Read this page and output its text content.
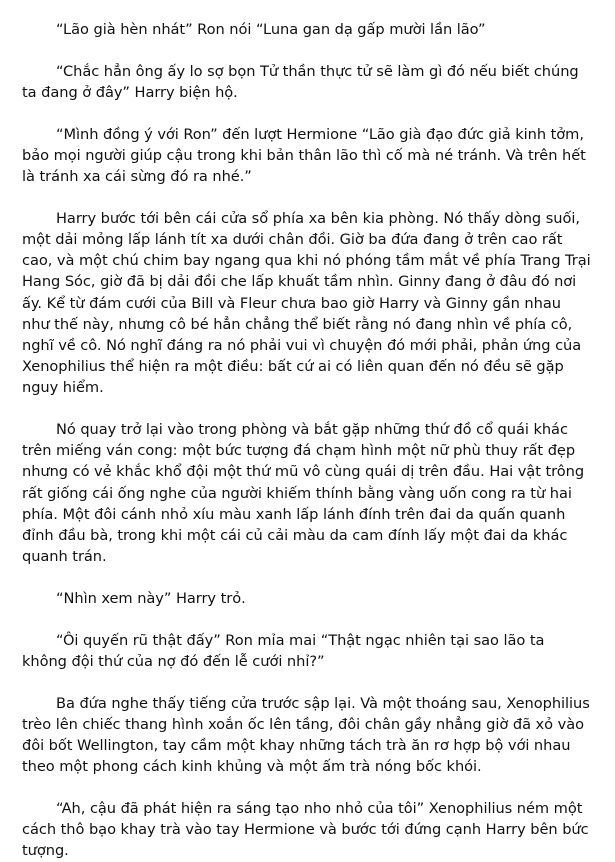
“Lão già hèn nhát” Ron nói “Luna gan dạ gấp mười lần lão”

“Chắc hẳn ông ấy lo sợ bọn Tử thần thực tử sẽ làm gì đó nếu biết chúng ta đang ở đây” Harry biện hộ.

“Mình đồng ý với Ron” đến lượt Hermione “Lão già đạo đức giả kinh tởm, bảo mọi người giúp cậu trong khi bản thân lão thì cố mà né tránh. Và trên hết là tránh xa cái sừng đó ra nhé.”

Harry bước tới bên cái cửa sổ phía xa bên kia phòng. Nó thấy dòng suối, một dải mỏng lấp lánh tít xa dưới chân đồi. Giờ ba đứa đang ở trên cao rất cao, và một chú chim bay ngang qua khi nó phóng tầm mắt về phía Trang Trại Hang Sóc, giờ đã bị dải đồi che lấp khuất tầm nhìn. Ginny đang ở đâu đó nơi ấy. Kể từ đám cưới của Bill và Fleur chưa bao giờ Harry và Ginny gần nhau như thế này, nhưng cô bé hẳn chẳng thể biết rằng nó đang nhìn về phía cô, nghĩ về cô. Nó nghĩ đáng ra nó phải vui vì chuyện đó mới phải, phản ứng của Xenophilius thể hiện ra một điều: bất cứ ai có liên quan đến nó đều sẽ gặp nguy hiểm.

Nó quay trở lại vào trong phòng và bắt gặp những thứ đồ cổ quái khác trên miếng ván cong: một bức tượng đá chạm hình một nữ phù thuy rất đẹp nhưng có vẻ khắc khổ đội một thứ mũ vô cùng quái dị trên đầu. Hai vật trông rất giống cái ống nghe của người khiếm thính bằng vàng uốn cong ra từ hai phía. Một đôi cánh nhỏ xíu màu xanh lấp lánh đính trên đai da quấn quanh đỉnh đầu bà, trong khi một cái củ cải màu da cam đính lấy một đai da khác quanh trán.

“Nhìn xem này” Harry trỏ.

“Ôi quyến rũ thật đấy” Ron mỉa mai “Thật ngạc nhiên tại sao lão ta không đội thứ của nợ đó đến lễ cưới nhỉ?”

Ba đứa nghe thấy tiếng cửa trước sập lại. Và một thoáng sau, Xenophilius trèo lên chiếc thang hình xoắn ốc lên tầng, đôi chân gầy nhẳng giờ đã xỏ vào đôi bốt Wellington, tay cầm một khay những tách trà ăn rơ hợp bộ với nhau theo một phong cách kinh khủng và một ấm trà nóng bốc khói.

“Ah, cậu đã phát hiện ra sáng tạo nho nhỏ của tôi” Xenophilius ném một cách thô bạo khay trà vào tay Hermione và bước tới đứng cạnh Harry bên bức tượng.
